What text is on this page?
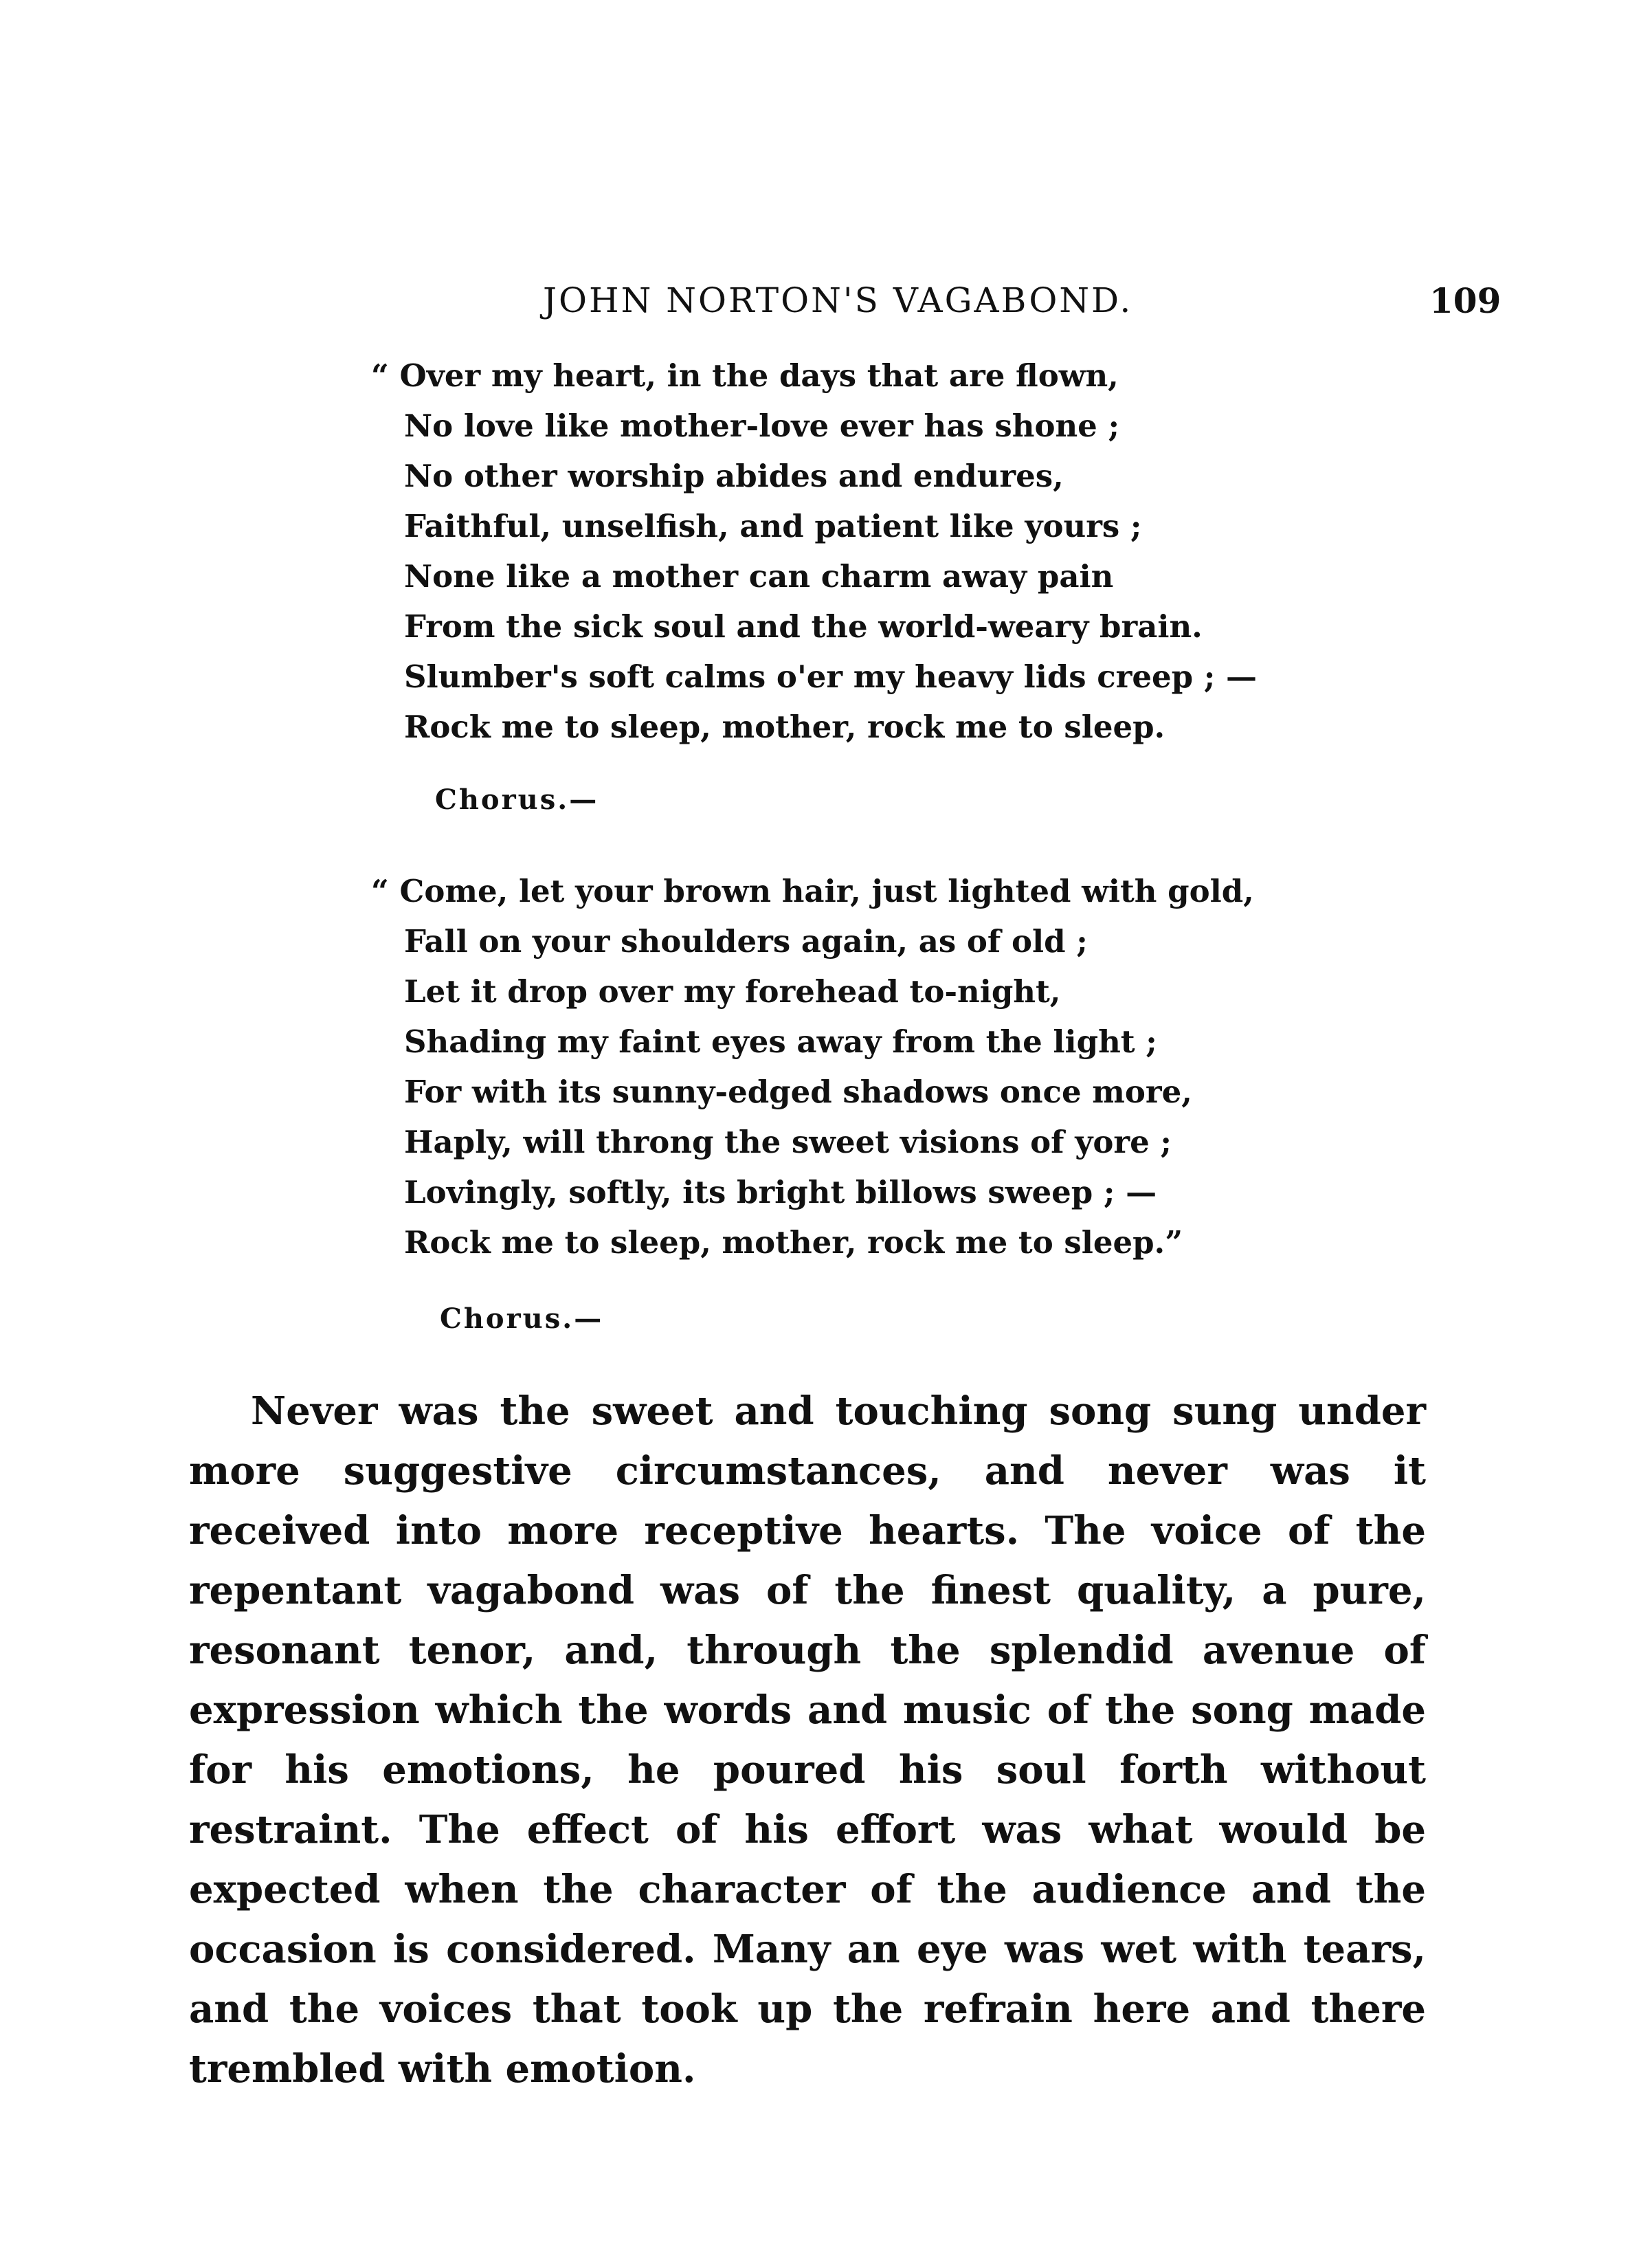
JOHN NORTON'S VAGABOND.	109
“ Over my heart, in the days that are flown,
No love like mother-love ever has shone ;
No other worship abides and endures,
Faithful, unselfish, and patient like yours ;
None like a mother can charm away pain
From the sick soul and the world-weary brain.
Slumber's soft calms o'er my heavy lids creep ; —
Rock me to sleep, mother, rock me to sleep.
Chorus.—
“ Come, let your brown hair, just lighted with gold,
Fall on your shoulders again, as of old ;
Let it drop over my forehead to-night,
Shading my faint eyes away from the light ;
For with its sunny-edged shadows once more,
Haply, will throng the sweet visions of yore ;
Lovingly, softly, its bright billows sweep ; —
Rock me to sleep, mother, rock me to sleep.”
Chorus.—

Never was the sweet and touching song sung under more suggestive circumstances, and never was it received into more receptive hearts. The voice of the repentant vagabond was of the finest quality, a pure, resonant tenor, and, through the splendid avenue of expression which the words and music of the song made for his emotions, he poured his soul forth without restraint. The effect of his effort was what would be expected when the character of the audience and the occasion is considered. Many an eye was wet with tears, and the voices that took up the refrain here and there trembled with emotion.
